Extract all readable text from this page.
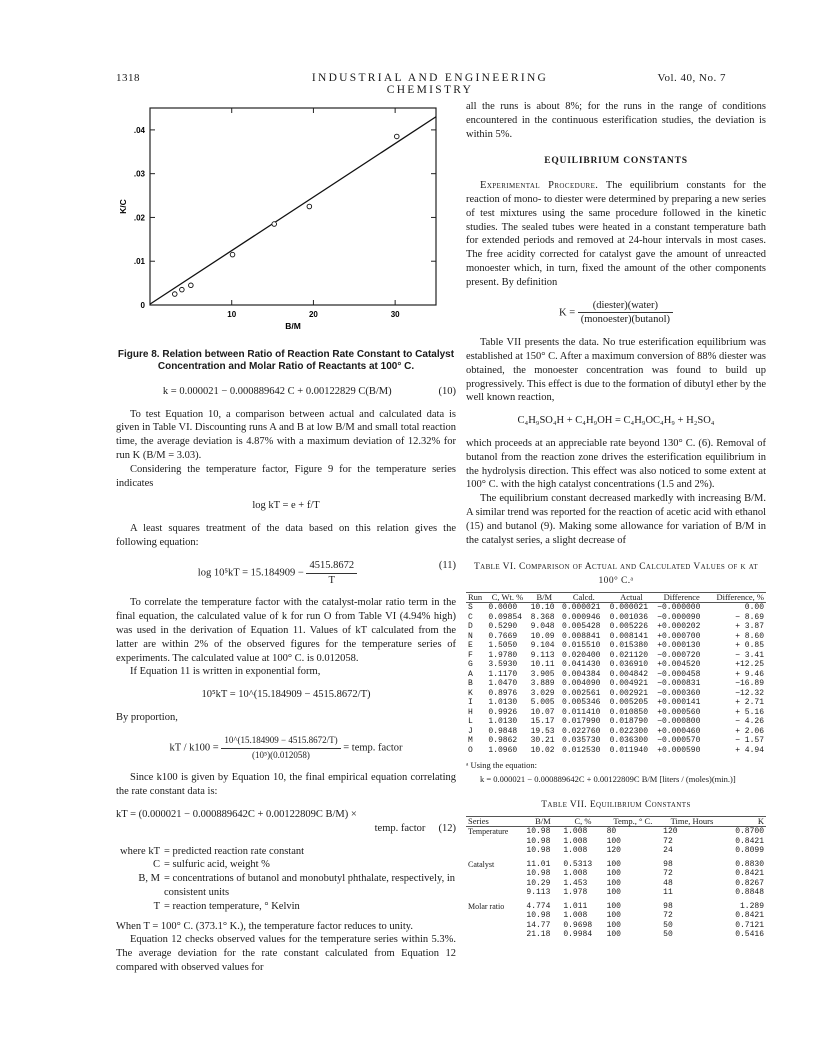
1318	INDUSTRIAL AND ENGINEERING CHEMISTRY
Vol. 40, No. 7
10	20	30
.01
.02
.03
.04
0
B/M
K/C
Figure 8. Relation between Ratio of Reaction Rate Constant to Catalyst Concentration and Molar Ratio of Reactants at 100° C.
k = 0.000021 − 0.000889642 C + 0.00122829 C(B/M)	(10)

To test Equation 10, a comparison between actual and calculated data is given in Table VI. Discounting runs A and B at low B/M and small total reaction time, the average deviation is 4.87% with a maximum deviation of 12.32% for run K (B/M = 3.03).

Considering the temperature factor, Figure 9 for the temperature series indicates

log kT = e + f/T

A least squares treatment of the data based on this relation gives the following equation:

$\log 10^5kT = 15.184909 - \frac{4515.8672}{T}$	(11)

To correlate the temperature factor with the catalyst-molar ratio term in the final equation, the calculated value of k for run O from Table VI (4.94% high) was used in the derivation of Equation 11. Values of kT calculated from the latter are within 2% of the observed figures for the temperature series of experiments. The calculated value at 100° C. is 0.012058.

If Equation 11 is written in exponential form,

10⁵kT = 10^(15.184909 − 4515.8672/T)

By proportion,

kT / $k100 = \frac{10\^{}(15.184909 - 4515.8672/T)}{\text{(10⁵)(0.012058)}}$ = temp. factor

Since k100 is given by Equation 10, the final empirical equation correlating the rate constant data is:

kT = (0.000021 − 0.000889642C + 0.00122809C B/M) ×
temp. factor (12)
where kT = predicted reaction rate constant
C = sulfuric acid, weight %
B, M = concentrations of butanol and monobutyl phthalate, respectively, in consistent units
T = reaction temperature, ° Kelvin

When T = 100° C. (373.1° K.), the temperature factor reduces to unity.

Equation 12 checks observed values for the temperature series within 5.3%. The average deviation for the rate constant calculated from Equation 12 compared with observed values for

all the runs is about 8%; for the runs in the range of conditions encountered in the continuous esterification studies, the deviation is within 5%.

EQUILIBRIUM CONSTANTS

Experimental Procedure. The equilibrium constants for the reaction of mono- to diester were determined by preparing a new series of test mixtures using the same procedure followed in the kinetic studies. The sealed tubes were heated in a constant temperature bath for extended periods and removed at 24-hour intervals in most cases. The free acidity corrected for catalyst gave the amount of unreacted monoester which, in turn, fixed the amount of the other components present. By definition

$K = \frac{\text{(diester)(water)}}{\text{(monoester)(butanol)}}$

Table VII presents the data. No true esterification equilibrium was established at 150° C. After a maximum conversion of 88% diester was obtained, the monoester concentration was found to build up progressively. This effect is due to the formation of dibutyl ether by the well known reaction,

C₄H₉SO₄H + C₄H₉OH = C₄H₉OC₄H₉ + H₂SO₄

which proceeds at an appreciable rate beyond 130° C. (6). Removal of butanol from the reaction zone drives the esterification equilibrium in the hydrolysis direction. This effect was also noticed to some extent at 100° C. with the high catalyst concentrations (1.5 and 2%).

The equilibrium constant decreased markedly with increasing B/M. A similar trend was reported for the reaction of acetic acid with ethanol (15) and butanol (9). Making some allowance for variation of B/M in the catalyst series, a slight decrease of

Table VI. Comparison of Actual and Calculated Values of k at 100° C.ᵃ
Run	C, Wt. %	B/M	Calcd.	Actual	Difference	Difference, %
S	0.0000	10.10	0.000021	0.000021	−0.000000	0.00
C	0.09854	8.368	0.000946	0.001036	−0.000090	− 8.69
D	0.5290	9.048	0.005428	0.005226	+0.000202	+ 3.87
N	0.7669	10.09	0.008841	0.008141	+0.000700	+ 8.60
E	1.5050	9.104	0.015510	0.015380	+0.000130	+ 0.85
F	1.9780	9.113	0.020400	0.021120	−0.000720	− 3.41
G	3.5930	10.11	0.041430	0.036910	+0.004520	+12.25
A	1.1170	3.905	0.004384	0.004842	−0.000458	+ 9.46
B	1.0470	3.889	0.004090	0.004921	−0.000831	−16.89
K	0.8976	3.029	0.002561	0.002921	−0.000360	−12.32
I	1.0130	5.005	0.005346	0.005205	+0.000141	+ 2.71
H	0.9926	10.07	0.011410	0.010850	+0.000560	+ 5.16
L	1.0130	15.17	0.017990	0.018790	−0.000800	− 4.26
J	0.9848	19.53	0.022760	0.022300	+0.000460	+ 2.06
M	0.9862	30.21	0.035730	0.036300	−0.000570	− 1.57
O	1.0960	10.02	0.012530	0.011940	+0.000590	+ 4.94
ᵃ Using the equation:
k = 0.000021 − 0.000889642C + 0.00122809C B/M [liters / (moles)(min.)]
Table VII. Equilibrium Constants
Series	B/M	C, %	Temp., ° C.	Time, Hours	K
Temperature	10.98	1.008	80	120	0.8700
	10.98	1.008	100	72	0.8421
	10.98	1.008	120	24	0.8099
Catalyst	11.01	0.5313	100	98	0.8830
	10.98	1.008	100	72	0.8421
	10.29	1.453	100	48	0.8267
	9.113	1.978	100	11	0.8848
Molar ratio	4.774	1.011	100	98	1.289
	10.98	1.008	100	72	0.8421
	14.77	0.9698	100	50	0.7121
	21.18	0.9984	100	50	0.5416
